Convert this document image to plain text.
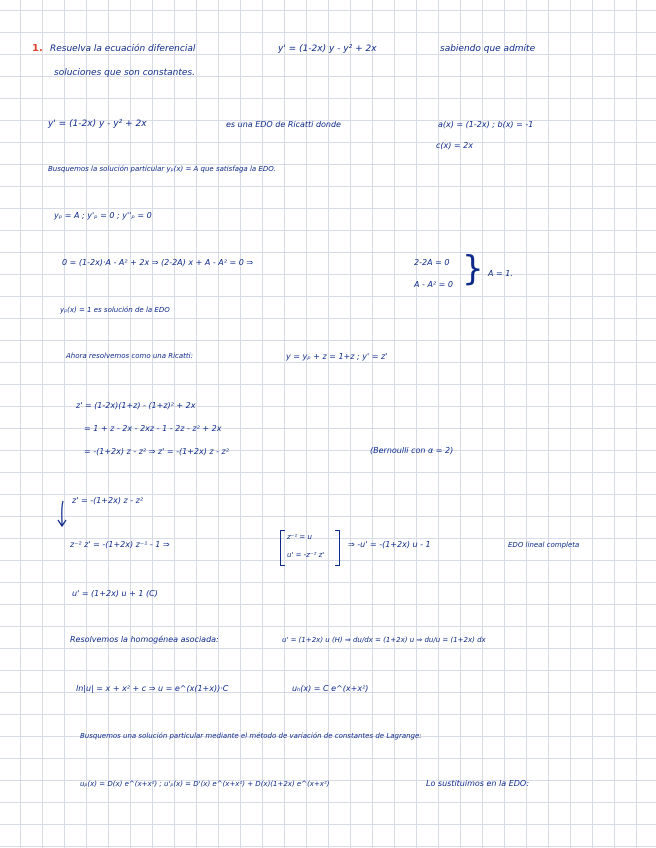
1. Resuelva la ecuación diferencial	y' = (1-2x) y - y² + 2x	sabiendo que admite
soluciones que son constantes.
y' = (1-2x) y - y² + 2x	es una EDO de Ricatti donde	a(x) = (1-2x) ; b(x) = -1
c(x) = 2x
Busquemos la solución particular yₚ(x) = A que satisfaga la EDO.
yₚ = A ; y'ₚ = 0 ; y''ₚ = 0
0 = (1-2x)·A - A² + 2x ⇒ (2-2A) x + A - A² = 0 ⇒	2-2A = 0
A - A² = 0 } A = 1.
yₚ(x) = 1 es solución de la EDO
Ahora resolvemos como una Ricatti:	y = yₚ + z = 1+z ; y' = z'
z' = (1-2x)(1+z) - (1+z)² + 2x
= 1 + z - 2x - 2xz - 1 - 2z - z² + 2x
= -(1+2x) z - z² ⇒ z' = -(1+2x) z - z²	(Bernoulli con α = 2)
z' = -(1+2x) z - z²
z⁻² z' = -(1+2x) z⁻¹ - 1 ⇒
z⁻¹ = u
u' = -z⁻² z'
⇒ -u' = -(1+2x) u - 1	EDO lineal completa
u' = (1+2x) u + 1 (C)
Resolvemos la homogénea asociada:	u' = (1+2x) u (H) ⇒ du/dx = (1+2x) u ⇒ du/u = (1+2x) dx
ln|u| = x + x² + c ⇒ u = e^(x(1+x))·C	uₕ(x) = C e^(x+x²)
Busquemos una solución particular mediante el método de variación de constantes de Lagrange:
uₚ(x) = D(x) e^(x+x²) ; u'ₚ(x) = D'(x) e^(x+x²) + D(x)(1+2x) e^(x+x²)	Lo sustituimos en la EDO:
